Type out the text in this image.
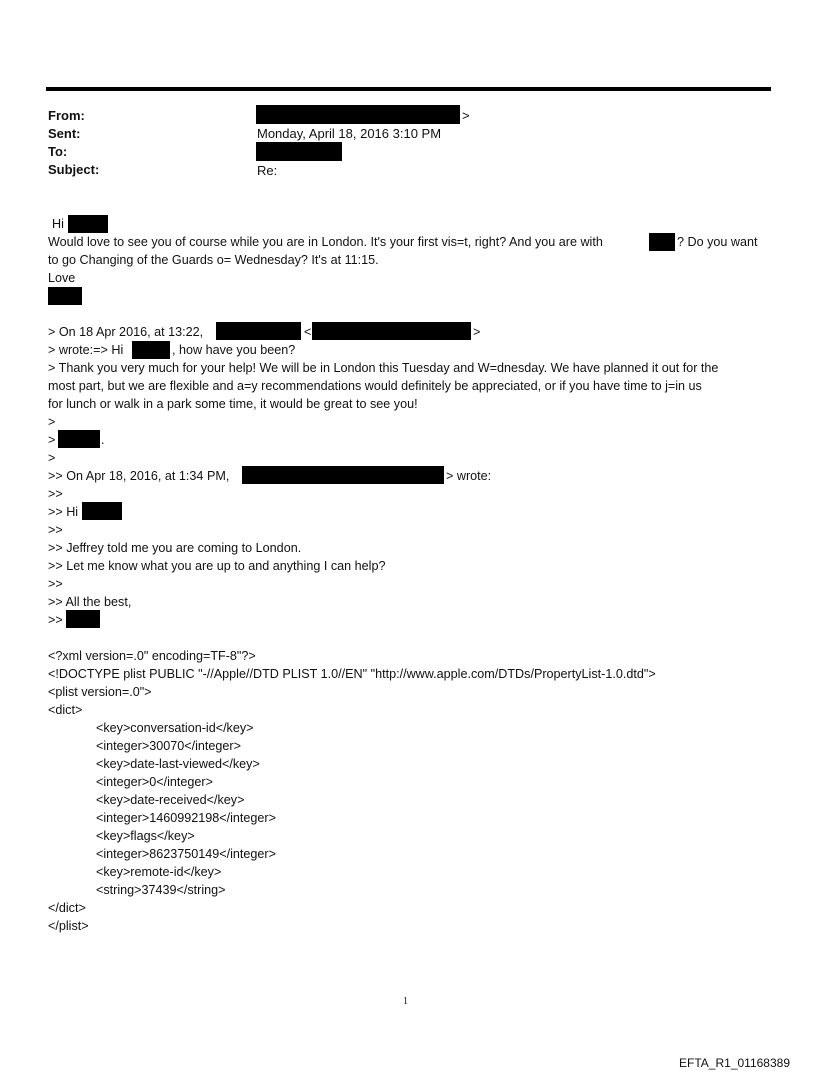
From:	>
Sent:	Monday, April 18, 2016 3:10 PM
To:
Subject:	Re:
Hi
Would love to see you of course while you are in London. It's your first vis=t, right? And you are with	? Do you want
to go Changing of the Guards o= Wednesday? It's at 11:15.
Love
> On 18 Apr 2016, at 13:22,	<	>
> wrote:=> Hi	, how have you been?
> Thank you very much for your help! We will be in London this Tuesday and W=dnesday. We have planned it out for the
most part, but we are flexible and a=y recommendations would definitely be appreciated, or if you have time to j=in us
for lunch or walk in a park some time, it would be great to see you!
>
>	.
>
>> On Apr 18, 2016, at 1:34 PM,	> wrote:
>>
>> Hi
>>
>> Jeffrey told me you are coming to London.
>> Let me know what you are up to and anything I can help?
>>
>> All the best,
>>
<?xml version=.0" encoding=TF-8"?>
<!DOCTYPE plist PUBLIC "-//Apple//DTD PLIST 1.0//EN" "http://www.apple.com/DTDs/PropertyList-1.0.dtd">
<plist version=.0">
<dict>
<key>conversation-id</key>
<integer>30070</integer>
<key>date-last-viewed</key>
<integer>0</integer>
<key>date-received</key>
<integer>1460992198</integer>
<key>flags</key>
<integer>8623750149</integer>
<key>remote-id</key>
<string>37439</string>
</dict>
</plist>
1
EFTA_R1_01168389
